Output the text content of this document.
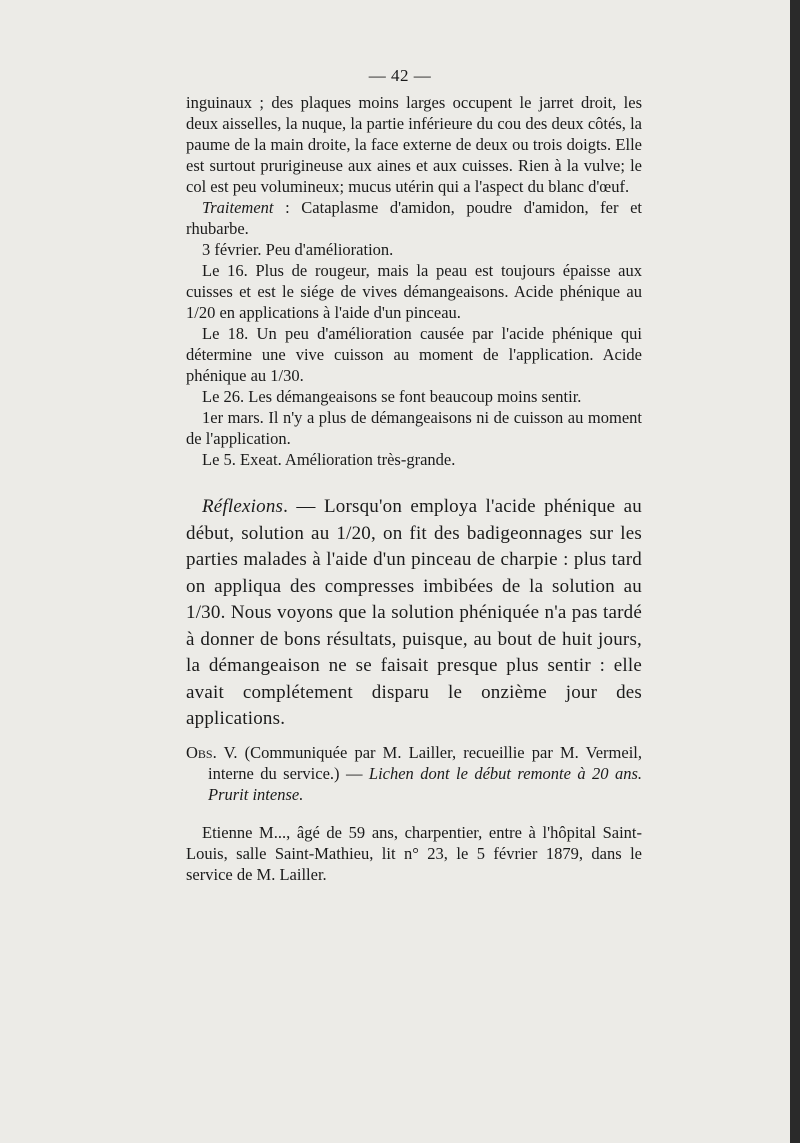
— 42 —

inguinaux ; des plaques moins larges occupent le jarret droit, les deux aisselles, la nuque, la partie inférieure du cou des deux côtés, la paume de la main droite, la face externe de deux ou trois doigts. Elle est surtout prurigineuse aux aines et aux cuisses. Rien à la vulve; le col est peu volumineux; mucus utérin qui a l'aspect du blanc d'œuf.

Traitement : Cataplasme d'amidon, poudre d'amidon, fer et rhubarbe.

3 février. Peu d'amélioration.

Le 16. Plus de rougeur, mais la peau est toujours épaisse aux cuisses et est le siége de vives démangeaisons. Acide phénique au 1/20 en applications à l'aide d'un pinceau.

Le 18. Un peu d'amélioration causée par l'acide phénique qui détermine une vive cuisson au moment de l'application. Acide phénique au 1/30.

Le 26. Les démangeaisons se font beaucoup moins sentir.

1er mars. Il n'y a plus de démangeaisons ni de cuisson au moment de l'application.

Le 5. Exeat. Amélioration très-grande.

Réflexions. — Lorsqu'on employa l'acide phénique au début, solution au 1/20, on fit des badigeonnages sur les parties malades à l'aide d'un pinceau de charpie : plus tard on appliqua des compresses imbibées de la solution au 1/30. Nous voyons que la solution phéniquée n'a pas tardé à donner de bons résultats, puisque, au bout de huit jours, la démangeaison ne se faisait presque plus sentir : elle avait complétement disparu le onzième jour des applications.

Obs. V. (Communiquée par M. Lailler, recueillie par M. Vermeil, interne du service.) — Lichen dont le début remonte à 20 ans. Prurit intense.

Etienne M..., âgé de 59 ans, charpentier, entre à l'hôpital Saint-Louis, salle Saint-Mathieu, lit n° 23, le 5 février 1879, dans le service de M. Lailler.
